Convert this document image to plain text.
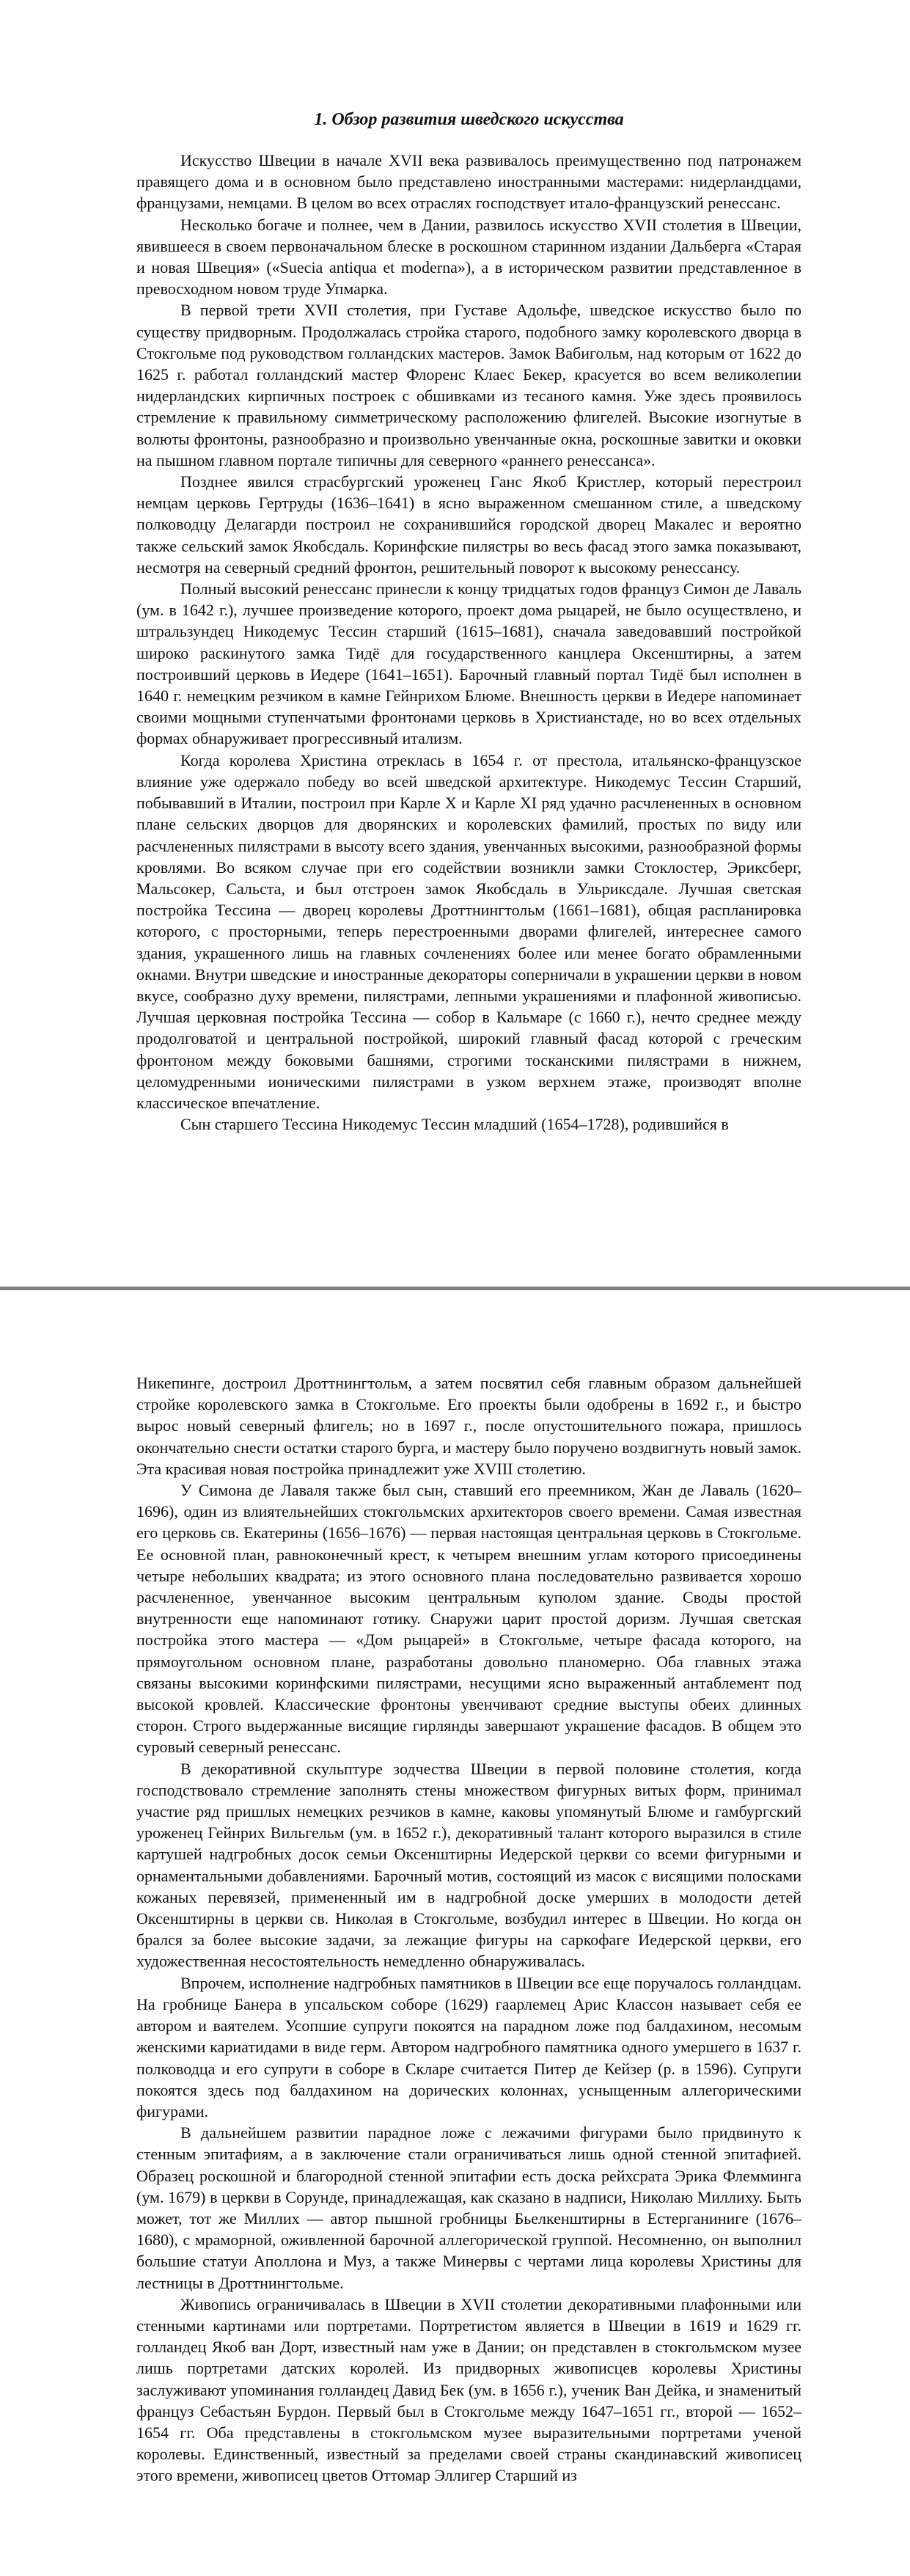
1. Обзор развития шведского искусства

Искусство Швеции в начале XVII века развивалось преимущественно под патронажем правящего дома и в основном было представлено иностранными мастерами: нидерландцами, французами, немцами. В целом во всех отраслях господствует итало-французский ренессанс.

Несколько богаче и полнее, чем в Дании, развилось искусство XVII столетия в Швеции, явившееся в своем первоначальном блеске в роскошном старинном издании Дальберга «Старая и новая Швеция» («Suecia antiqua et moderna»), а в историческом развитии представленное в превосходном новом труде Упмарка.

В первой трети XVII столетия, при Густаве Адольфе, шведское искусство было по существу придворным. Продолжалась стройка старого, подобного замку королевского дворца в Стокгольме под руководством голландских мастеров. Замок Вабигольм, над которым от 1622 до 1625 г. работал голландский мастер Флоренс Клаес Бекер, красуется во всем великолепии нидерландских кирпичных построек с обшивками из тесаного камня. Уже здесь проявилось стремление к правильному симметрическому расположению флигелей. Высокие изогнутые в волюты фронтоны, разнообразно и произвольно увенчанные окна, роскошные завитки и оковки на пышном главном портале типичны для северного «раннего ренессанса».

Позднее явился страсбургский уроженец Ганс Якоб Кристлер, который перестроил немцам церковь Гертруды (1636–1641) в ясно выраженном смешанном стиле, а шведскому полководцу Делагарди построил не сохранившийся городской дворец Макалес и вероятно также сельский замок Якобсдаль. Коринфские пилястры во весь фасад этого замка показывают, несмотря на северный средний фронтон, решительный поворот к высокому ренессансу.

Полный высокий ренессанс принесли к концу тридцатых годов француз Симон де Лаваль (ум. в 1642 г.), лучшее произведение которого, проект дома рыцарей, не было осуществлено, и штральзундец Никодемус Тессин старший (1615–1681), сначала заведовавший постройкой широко раскинутого замка Тидё для государственного канцлера Оксенштирны, а затем построивший церковь в Иедере (1641–1651). Барочный главный портал Тидё был исполнен в 1640 г. немецким резчиком в камне Гейнрихом Блюме. Внешность церкви в Иедере напоминает своими мощными ступенчатыми фронтонами церковь в Христианстаде, но во всех отдельных формах обнаруживает прогрессивный итализм.

Когда королева Христина отреклась в 1654 г. от престола, итальянско-французское влияние уже одержало победу во всей шведской архитектуре. Никодемус Тессин Старший, побывавший в Италии, построил при Карле X и Карле XI ряд удачно расчлененных в основном плане сельских дворцов для дворянских и королевских фамилий, простых по виду или расчлененных пилястрами в высоту всего здания, увенчанных высокими, разнообразной формы кровлями. Во всяком случае при его содействии возникли замки Стоклостер, Эриксберг, Мальсокер, Сальста, и был отстроен замок Якобсдаль в Ульриксдале. Лучшая светская постройка Тессина — дворец королевы Дроттнингтольм (1661–1681), общая распланировка которого, с просторными, теперь перестроенными дворами флигелей, интереснее самого здания, украшенного лишь на главных сочленениях более или менее богато обрамленными окнами. Внутри шведские и иностранные декораторы соперничали в украшении церкви в новом вкусе, сообразно духу времени, пилястрами, лепными украшениями и плафонной живописью. Лучшая церковная постройка Тессина — собор в Кальмаре (с 1660 г.), нечто среднее между продолговатой и центральной постройкой, широкий главный фасад которой с греческим фронтоном между боковыми башнями, строгими тосканскими пилястрами в нижнем, целомудренными ионическими пилястрами в узком верхнем этаже, производят вполне классическое впечатление.

Сын старшего Тессина Никодемус Тессин младший (1654–1728), родившийся в

Никепинге, достроил Дроттнингтольм, а затем посвятил себя главным образом дальнейшей стройке королевского замка в Стокгольме. Его проекты были одобрены в 1692 г., и быстро вырос новый северный флигель; но в 1697 г., после опустошительного пожара, пришлось окончательно снести остатки старого бурга, и мастеру было поручено воздвигнуть новый замок. Эта красивая новая постройка принадлежит уже XVIII столетию.

У Симона де Лаваля также был сын, ставший его преемником, Жан де Лаваль (1620–1696), один из влиятельнейших стокгольмских архитекторов своего времени. Самая известная его церковь св. Екатерины (1656–1676) — первая настоящая центральная церковь в Стокгольме. Ее основной план, равноконечный крест, к четырем внешним углам которого присоединены четыре небольших квадрата; из этого основного плана последовательно развивается хорошо расчлененное, увенчанное высоким центральным куполом здание. Своды простой внутренности еще напоминают готику. Снаружи царит простой доризм. Лучшая светская постройка этого мастера — «Дом рыцарей» в Стокгольме, четыре фасада которого, на прямоугольном основном плане, разработаны довольно планомерно. Оба главных этажа связаны высокими коринфскими пилястрами, несущими ясно выраженный антаблемент под высокой кровлей. Классические фронтоны увенчивают средние выступы обеих длинных сторон. Строго выдержанные висящие гирлянды завершают украшение фасадов. В общем это суровый северный ренессанс.

В декоративной скульптуре зодчества Швеции в первой половине столетия, когда господствовало стремление заполнять стены множеством фигурных витых форм, принимал участие ряд пришлых немецких резчиков в камне, каковы упомянутый Блюме и гамбургский уроженец Гейнрих Вильгельм (ум. в 1652 г.), декоративный талант которого выразился в стиле картушей надгробных досок семьи Оксенштирны Иедерской церкви со всеми фигурными и орнаментальными добавлениями. Барочный мотив, состоящий из масок с висящими полосками кожаных перевязей, примененный им в надгробной доске умерших в молодости детей Оксенштирны в церкви св. Николая в Стокгольме, возбудил интерес в Швеции. Но когда он брался за более высокие задачи, за лежащие фигуры на саркофаге Иедерской церкви, его художественная несостоятельность немедленно обнаруживалась.

Впрочем, исполнение надгробных памятников в Швеции все еще поручалось голландцам. На гробнице Банера в упсальском соборе (1629) гаарлемец Арис Классон называет себя ее автором и ваятелем. Усопшие супруги покоятся на парадном ложе под балдахином, несомым женскими кариатидами в виде герм. Автором надгробного памятника одного умершего в 1637 г. полководца и его супруги в соборе в Скларе считается Питер де Кейзер (р. в 1596). Супруги покоятся здесь под балдахином на дорических колоннах, усныщенным аллегорическими фигурами.

В дальнейшем развитии парадное ложе с лежачими фигурами было придвинуто к стенным эпитафиям, а в заключение стали ограничиваться лишь одной стенной эпитафией. Образец роскошной и благородной стенной эпитафии есть доска рейхсрата Эрика Флемминга (ум. 1679) в церкви в Сорунде, принадлежащая, как сказано в надписи, Николаю Миллиху. Быть может, тот же Миллих — автор пышной гробницы Бьелкенштирны в Естерганиниге (1676–1680), с мраморной, оживленной барочной аллегорической группой. Несомненно, он выполнил большие статуи Аполлона и Муз, а также Минервы с чертами лица королевы Христины для лестницы в Дроттнингтольме.

Живопись ограничивалась в Швеции в XVII столетии декоративными плафонными или стенными картинами или портретами. Портретистом является в Швеции в 1619 и 1629 гг. голландец Якоб ван Дорт, известный нам уже в Дании; он представлен в стокгольмском музее лишь портретами датских королей. Из придворных живописцев королевы Христины заслуживают упоминания голландец Давид Бек (ум. в 1656 г.), ученик Ван Дейка, и знаменитый француз Себастьян Бурдон. Первый был в Стокгольме между 1647–1651 гг., второй — 1652–1654 гг. Оба представлены в стокгольмском музее выразительными портретами ученой королевы. Единственный, известный за пределами своей страны скандинавский живописец этого времени, живописец цветов Оттомар Эллигер Старший из
